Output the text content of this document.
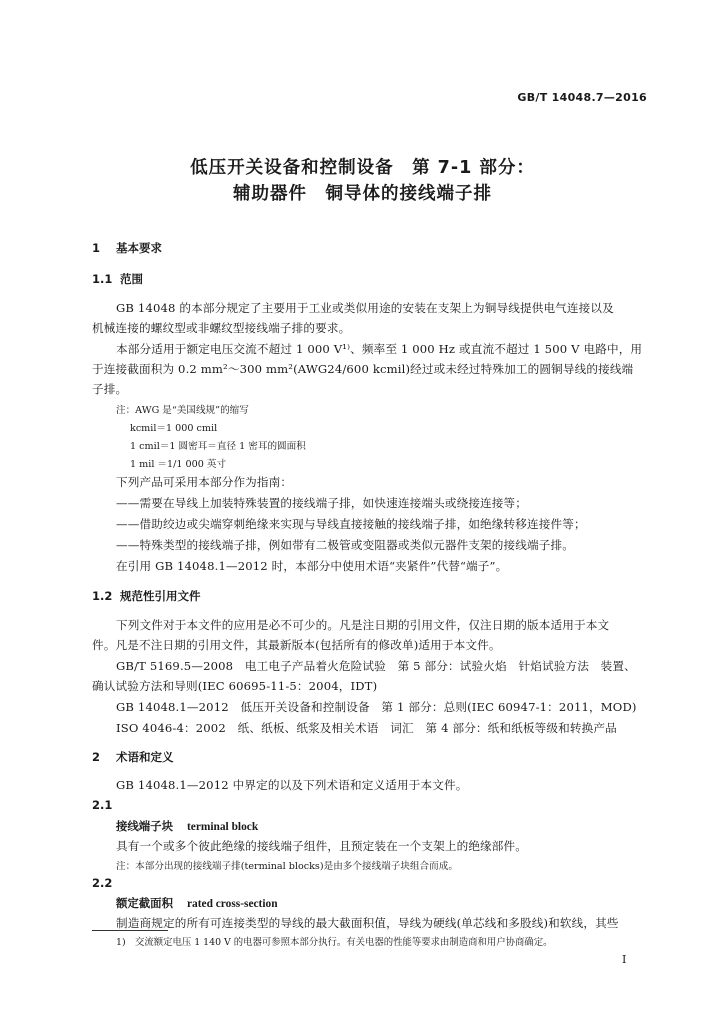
GB/T 14048.7—2016
低压开关设备和控制设备　第 7-1 部分：
辅助器件　铜导体的接线端子排
1 基本要求
1.1 范围
GB 14048 的本部分规定了主要用于工业或类似用途的安装在支架上为铜导线提供电气连接以及
机械连接的螺纹型或非螺纹型接线端子排的要求。
本部分适用于额定电压交流不超过 1 000 V¹⁾、频率至 1 000 Hz 或直流不超过 1 500 V 电路中，用
于连接截面积为 0.2 mm²～300 mm²(AWG24/600 kcmil)经过或未经过特殊加工的圆铜导线的接线端
子排。
注：AWG 是“美国线规”的缩写
kcmil＝1 000 cmil
1 cmil＝1 圆密耳＝直径 1 密耳的圆面积
1 mil ＝1/1 000 英寸
下列产品可采用本部分作为指南：
——需要在导线上加装特殊装置的接线端子排，如快速连接端头或绕接连接等；
——借助绞边或尖端穿刺绝缘来实现与导线直接接触的接线端子排，如绝缘转移连接件等；
——特殊类型的接线端子排，例如带有二极管或变阻器或类似元器件支架的接线端子排。
在引用 GB 14048.1—2012 时，本部分中使用术语“夹紧件”代替“端子”。
1.2 规范性引用文件
下列文件对于本文件的应用是必不可少的。凡是注日期的引用文件，仅注日期的版本适用于本文
件。凡是不注日期的引用文件，其最新版本(包括所有的修改单)适用于本文件。
GB/T 5169.5—2008　电工电子产品着火危险试验　第 5 部分：试验火焰　针焰试验方法　装置、
确认试验方法和导则(IEC 60695-11-5：2004，IDT)
GB 14048.1—2012　低压开关设备和控制设备　第 1 部分：总则(IEC 60947-1：2011，MOD)
ISO 4046-4：2002　纸、纸板、纸浆及相关术语　词汇　第 4 部分：纸和纸板等级和转换产品
2 术语和定义
GB 14048.1—2012 中界定的以及下列术语和定义适用于本文件。
2.1
接线端子块 terminal block
具有一个或多个彼此绝缘的接线端子组件，且预定装在一个支架上的绝缘部件。
注：本部分出现的接线端子排(terminal blocks)是由多个接线端子块组合而成。
2.2
额定截面积 rated cross-section
制造商规定的所有可连接类型的导线的最大截面积值，导线为硬线(单芯线和多股线)和软线，其些
1)　交流额定电压 1 140 V 的电器可参照本部分执行。有关电器的性能等要求由制造商和用户协商确定。
I
